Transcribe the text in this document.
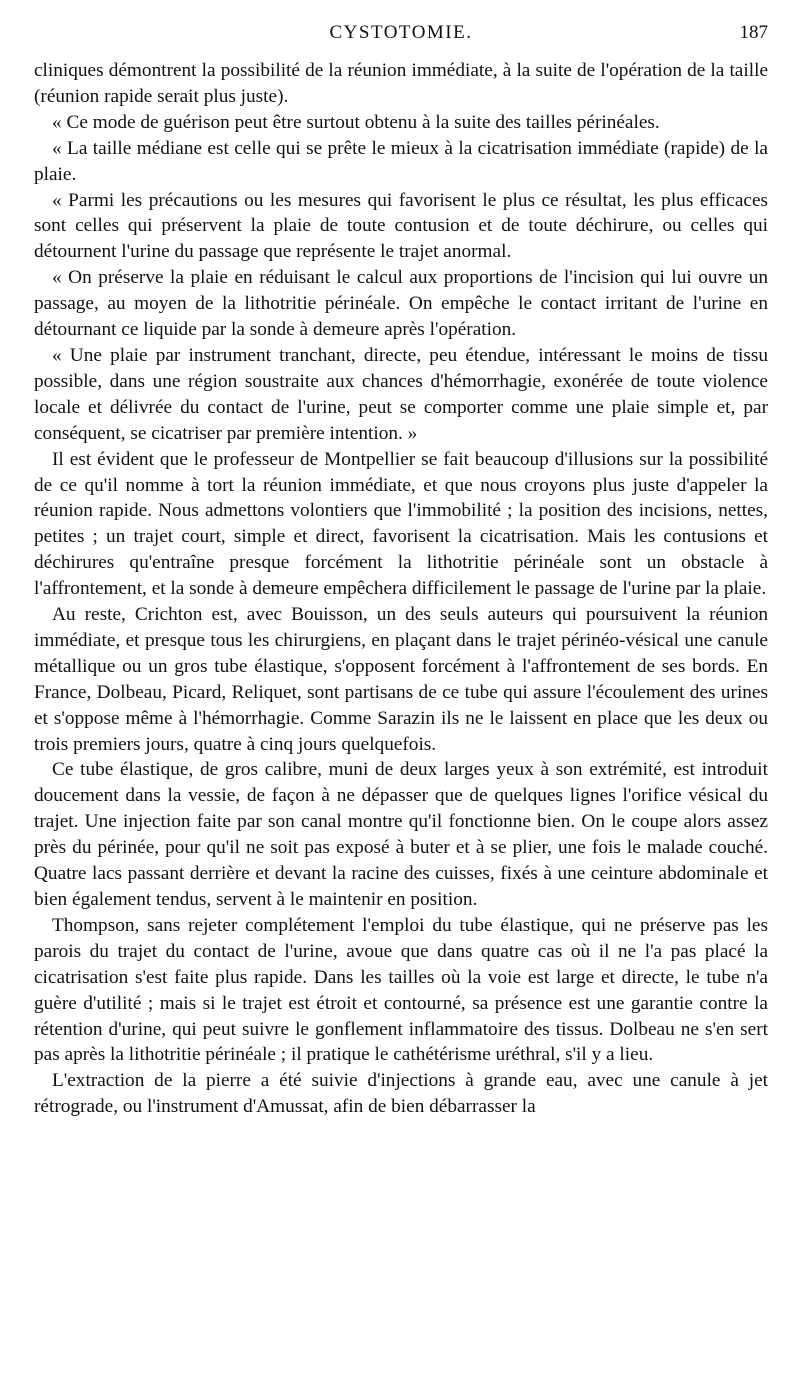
CYSTOTOMIE.	187

cliniques démontrent la possibilité de la réunion immédiate, à la suite de l'opération de la taille (réunion rapide serait plus juste).

« Ce mode de guérison peut être surtout obtenu à la suite des tailles périnéales.

« La taille médiane est celle qui se prête le mieux à la cicatrisation immédiate (rapide) de la plaie.

« Parmi les précautions ou les mesures qui favorisent le plus ce résultat, les plus efficaces sont celles qui préservent la plaie de toute contusion et de toute déchirure, ou celles qui détournent l'urine du passage que représente le trajet anormal.

« On préserve la plaie en réduisant le calcul aux proportions de l'incision qui lui ouvre un passage, au moyen de la lithotritie périnéale. On empêche le contact irritant de l'urine en détournant ce liquide par la sonde à demeure après l'opération.

« Une plaie par instrument tranchant, directe, peu étendue, intéressant le moins de tissu possible, dans une région soustraite aux chances d'hémorrhagie, exonérée de toute violence locale et délivrée du contact de l'urine, peut se comporter comme une plaie simple et, par conséquent, se cicatriser par première intention. »

Il est évident que le professeur de Montpellier se fait beaucoup d'illusions sur la possibilité de ce qu'il nomme à tort la réunion immédiate, et que nous croyons plus juste d'appeler la réunion rapide. Nous admettons volontiers que l'immobilité ; la position des incisions, nettes, petites ; un trajet court, simple et direct, favorisent la cicatrisation. Mais les contusions et déchirures qu'entraîne presque forcément la lithotritie périnéale sont un obstacle à l'affrontement, et la sonde à demeure empêchera difficilement le passage de l'urine par la plaie.

Au reste, Crichton est, avec Bouisson, un des seuls auteurs qui poursuivent la réunion immédiate, et presque tous les chirurgiens, en plaçant dans le trajet périnéo-vésical une canule métallique ou un gros tube élastique, s'opposent forcément à l'affrontement de ses bords. En France, Dolbeau, Picard, Reliquet, sont partisans de ce tube qui assure l'écoulement des urines et s'oppose même à l'hémorrhagie. Comme Sarazin ils ne le laissent en place que les deux ou trois premiers jours, quatre à cinq jours quelquefois.

Ce tube élastique, de gros calibre, muni de deux larges yeux à son extrémité, est introduit doucement dans la vessie, de façon à ne dépasser que de quelques lignes l'orifice vésical du trajet. Une injection faite par son canal montre qu'il fonctionne bien. On le coupe alors assez près du périnée, pour qu'il ne soit pas exposé à buter et à se plier, une fois le malade couché. Quatre lacs passant derrière et devant la racine des cuisses, fixés à une ceinture abdominale et bien également tendus, servent à le maintenir en position.

Thompson, sans rejeter complétement l'emploi du tube élastique, qui ne préserve pas les parois du trajet du contact de l'urine, avoue que dans quatre cas où il ne l'a pas placé la cicatrisation s'est faite plus rapide. Dans les tailles où la voie est large et directe, le tube n'a guère d'utilité ; mais si le trajet est étroit et contourné, sa présence est une garantie contre la rétention d'urine, qui peut suivre le gonflement inflammatoire des tissus. Dolbeau ne s'en sert pas après la lithotritie périnéale ; il pratique le cathétérisme uréthral, s'il y a lieu.

L'extraction de la pierre a été suivie d'injections à grande eau, avec une canule à jet rétrograde, ou l'instrument d'Amussat, afin de bien débarrasser la
